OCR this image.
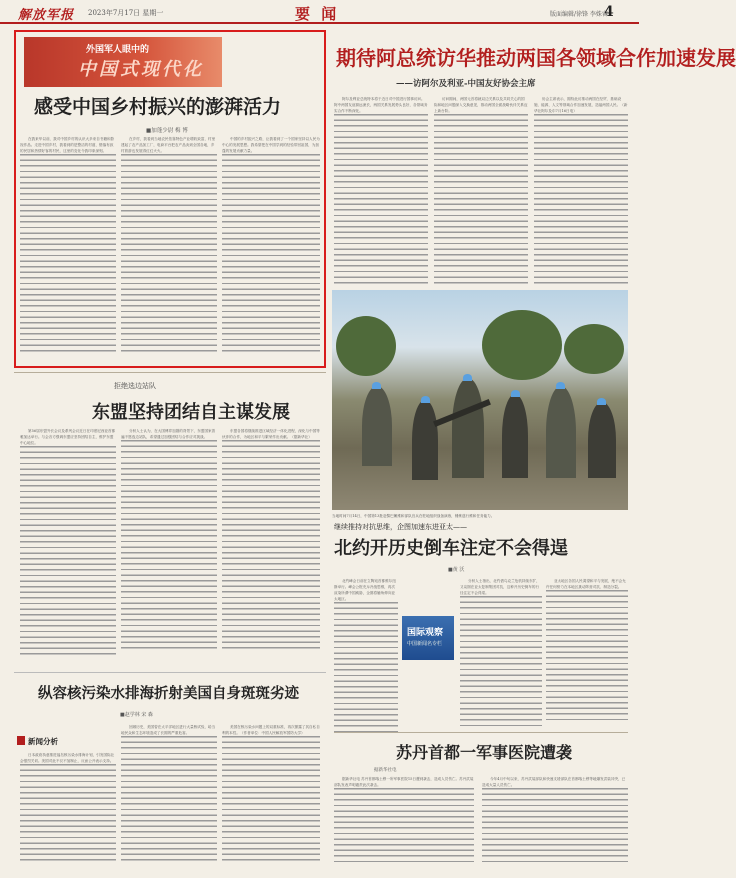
解放军报 2023年7月17日 星期一	要 闻	版面编辑/徐锋 李姝睿
4
外国军人眼中的
中国式现代化
感受中国乡村振兴的澎湃活力
■加蓬少尉 梅 博

在我来华以前，我对中国乡村的认识大多来自书籍和影视作品。走进中国乡村，我看到的是整洁的村道、错落有致的民居和热情好客的村民，这里的变化令我印象深刻。

在乡村，我看到当地农民依靠特色产业增收致富，村里建起了农产品加工厂，电商平台把农产品卖到全国各地，乡村旅游也发展得红红火火。

中国的乡村振兴之路，让我看到了一个国家坚持以人民为中心的发展思想。我希望把在中国学到的经验带回祖国，为加蓬的发展贡献力量。

期待阿总统访华推动两国各领域合作加速发展
——访阿尔及利亚-中国友好协会主席

阿尔及利亚总统特本将于近日对中国进行国事访问。阿中两国友谊源远流长，两国关系发展势头良好，各领域务实合作不断深化。

访问期间，两国元首将就双边关系以及共同关心的国际和地区问题深入交换意见，推动两国全面战略伙伴关系迈上新台阶。

协会主席表示，期待此访推动两国在经贸、基础设施、能源、人文等领域合作加速发展，造福两国人民。（新华社阿尔及尔7月16日电）

当地时间7月14日，中国第13批赴黎巴嫩维和部队官兵在驻地组织战备演练，锤炼遂行维和任务能力。
拒绝选边站队
东盟坚持团结自主谋发展

第56届东盟外长会议及系列会议近日在印度尼西亚首都雅加达举行。与会各方强调东盟应坚持团结自主，维护东盟中心地位。

分析人士认为，在大国博弈加剧的背景下，东盟国家普遍不愿选边站队，希望通过加强团结与合作应对挑战。

东盟各国将继续推进区域经济一体化进程，深化与中国等伙伴的合作，为地区和平与繁荣作出贡献。（据新华社）

继续推持对抗思维，企图加速东进亚太——
北约开历史倒车注定不会得逞
■黄 沃

北约峰会日前在立陶宛首都维尔纽斯举行。峰会公报充斥冷战思维，再次渲染所谓中国威胁，企图将触角伸向亚太地区。

国际观察
中国新闻名专栏

分析人士指出，北约借乌克兰危机持续东扩，又妄图在亚太复制集团对抗，这种开历史倒车的行径注定不会得逞。

亚太地区各国人民渴望和平与发展，绝不会允许任何势力在本地区挑动阵营对抗、制造分裂。

纵容核污染水排海折射美国自身斑斑劣迹
■赵学林 宋 森
新闻分析

日本政府执意推进福岛核污染水排海计划，引发国际社会强烈关切。美国对此不仅不加制止，反而公开表示支持。

回顾历史，美国曾在太平洋地区进行大量核试验，给当地民众和生态环境造成了长期的严重危害。

美国在核污染水问题上的双重标准，再次暴露了其自私自利的本性。（作者单位：中国人民解放军国防大学）

苏丹首都一军事医院遭袭
据新华社电

据新华社电 苏丹首都喀土穆一所军事医院15日遭到袭击，造成人员伤亡。苏丹武装部队发表声明谴责此次袭击。

今年4月中旬以来，苏丹武装部队和快速支援部队在首都喀土穆等地爆发武装冲突，已造成大量人员伤亡。
